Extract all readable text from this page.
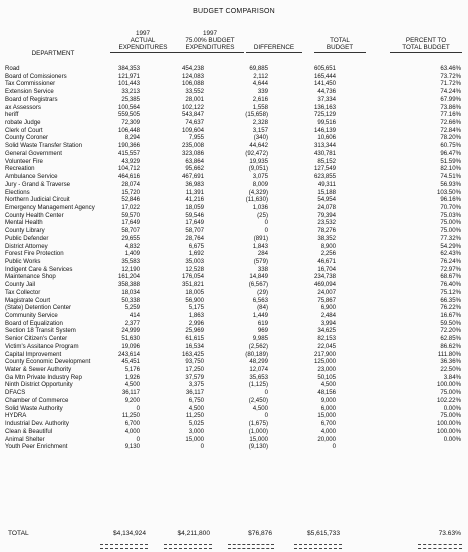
BUDGET COMPARISON
DEPARTMENT
1997
ACTUAL
EXPENDITURES
1997
75.00% BUDGET
EXPENDITURES	DIFFERENCE
TOTAL
BUDGET
PERCENT TO
TOTAL BUDGET
Road	384,353	454,238	69,885	605,651	63.46%
Board of Comissioners	121,971	124,083	2,112	165,444	73.72%
Tax Commissioner	101,443	106,088	4,644	141,450	71.72%
Extension Service	33,213	33,552	339	44,736	74.24%
Board of Registrars	25,385	28,001	2,616	37,334	67.99%
ax Assessors	100,564	102,122	1,558	136,163	73.86%
heriff	559,505	543,847	(15,658)	725,129	77.16%
robate Judge	72,309	74,637	2,328	99,516	72.66%
Clerk of Court	106,448	109,604	3,157	146,139	72.84%
County Coroner	8,294	7,955	(340)	10,606	78.20%
Solid Waste Transfer Station	190,366	235,008	44,642	313,344	60.75%
General Government	415,557	323,086	(92,472)	430,781	96.47%
Volunteer Fire	43,929	63,864	19,935	85,152	51.59%
Recreation	104,712	95,662	(9,051)	127,549	82.10%
Ambulance Service	464,616	467,691	3,075	623,855	74.51%
Jury - Grand & Traverse	28,074	36,983	8,009	49,311	56.93%
Elections	15,720	11,391	(4,329)	15,188	103.50%
Northern Judicial Circuit	52,846	41,216	(11,630)	54,954	96.16%
Emergency Management Agency	17,022	18,059	1,036	24,078	70.70%
County Health Center	59,570	59,546	(25)	79,394	75.03%
Mental Health	17,649	17,649	0	23,532	75.00%
County Library	58,707	58,707	0	78,276	75.00%
Public Defender	29,655	28,764	(891)	38,352	77.32%
District Attorney	4,832	6,675	1,843	8,900	54.29%
Forest Fire Protection	1,409	1,692	284	2,256	62.43%
Public Works	35,583	35,003	(579)	46,671	76.24%
Indigent Care & Services	12,190	12,528	338	16,704	72.97%
Maintenance Shop	161,204	176,054	14,849	234,738	68.67%
County Jail	358,388	351,821	(6,567)	469,094	76.40%
Tax Collector	18,034	18,005	(29)	24,007	75.12%
Magistrate Court	50,338	56,900	6,563	75,867	66.35%
(State) Detention Center	5,259	5,175	(84)	6,900	76.22%
Community Service	414	1,863	1,449	2,484	16.67%
Board of Equalization	2,377	2,996	619	3,994	59.50%
Section 18 Transit System	24,999	25,969	969	34,625	72.20%
Senior Citizen's Center	51,630	61,615	9,985	82,153	62.85%
Victim's Assitance Program	19,096	16,534	(2,562)	22,045	86.62%
Capital Improvement	243,614	163,425	(80,189)	217,900	111.80%
County Economic Development	45,451	93,750	48,299	125,000	36.36%
Water & Sewer Authority	5,176	17,250	12,074	23,000	22.50%
Ga Mtn Private Industry Rep	1,926	37,579	35,653	50,105	3.84%
Ninth District Opportunity	4,500	3,375	(1,125)	4,500	100.00%
DFACS	36,117	36,117	0	48,156	75.00%
Chamber of Commerce	9,200	6,750	(2,450)	9,000	102.22%
Solid Waste Authority	0	4,500	4,500	6,000	0.00%
HYDRA	11,250	11,250	0	15,000	75.00%
Industrial Dev. Authority	6,700	5,025	(1,675)	6,700	100.00%
Clean & Beautiful	4,000	3,000	(1,000)	4,000	100.00%
Animal Shelter	0	15,000	15,000	20,000	0.00%
Youth Peer Enrichment	9,130	0	(9,130)	0
TOTAL	$4,134,924	$4,211,800	$76,876	$5,615,733	73.63%
